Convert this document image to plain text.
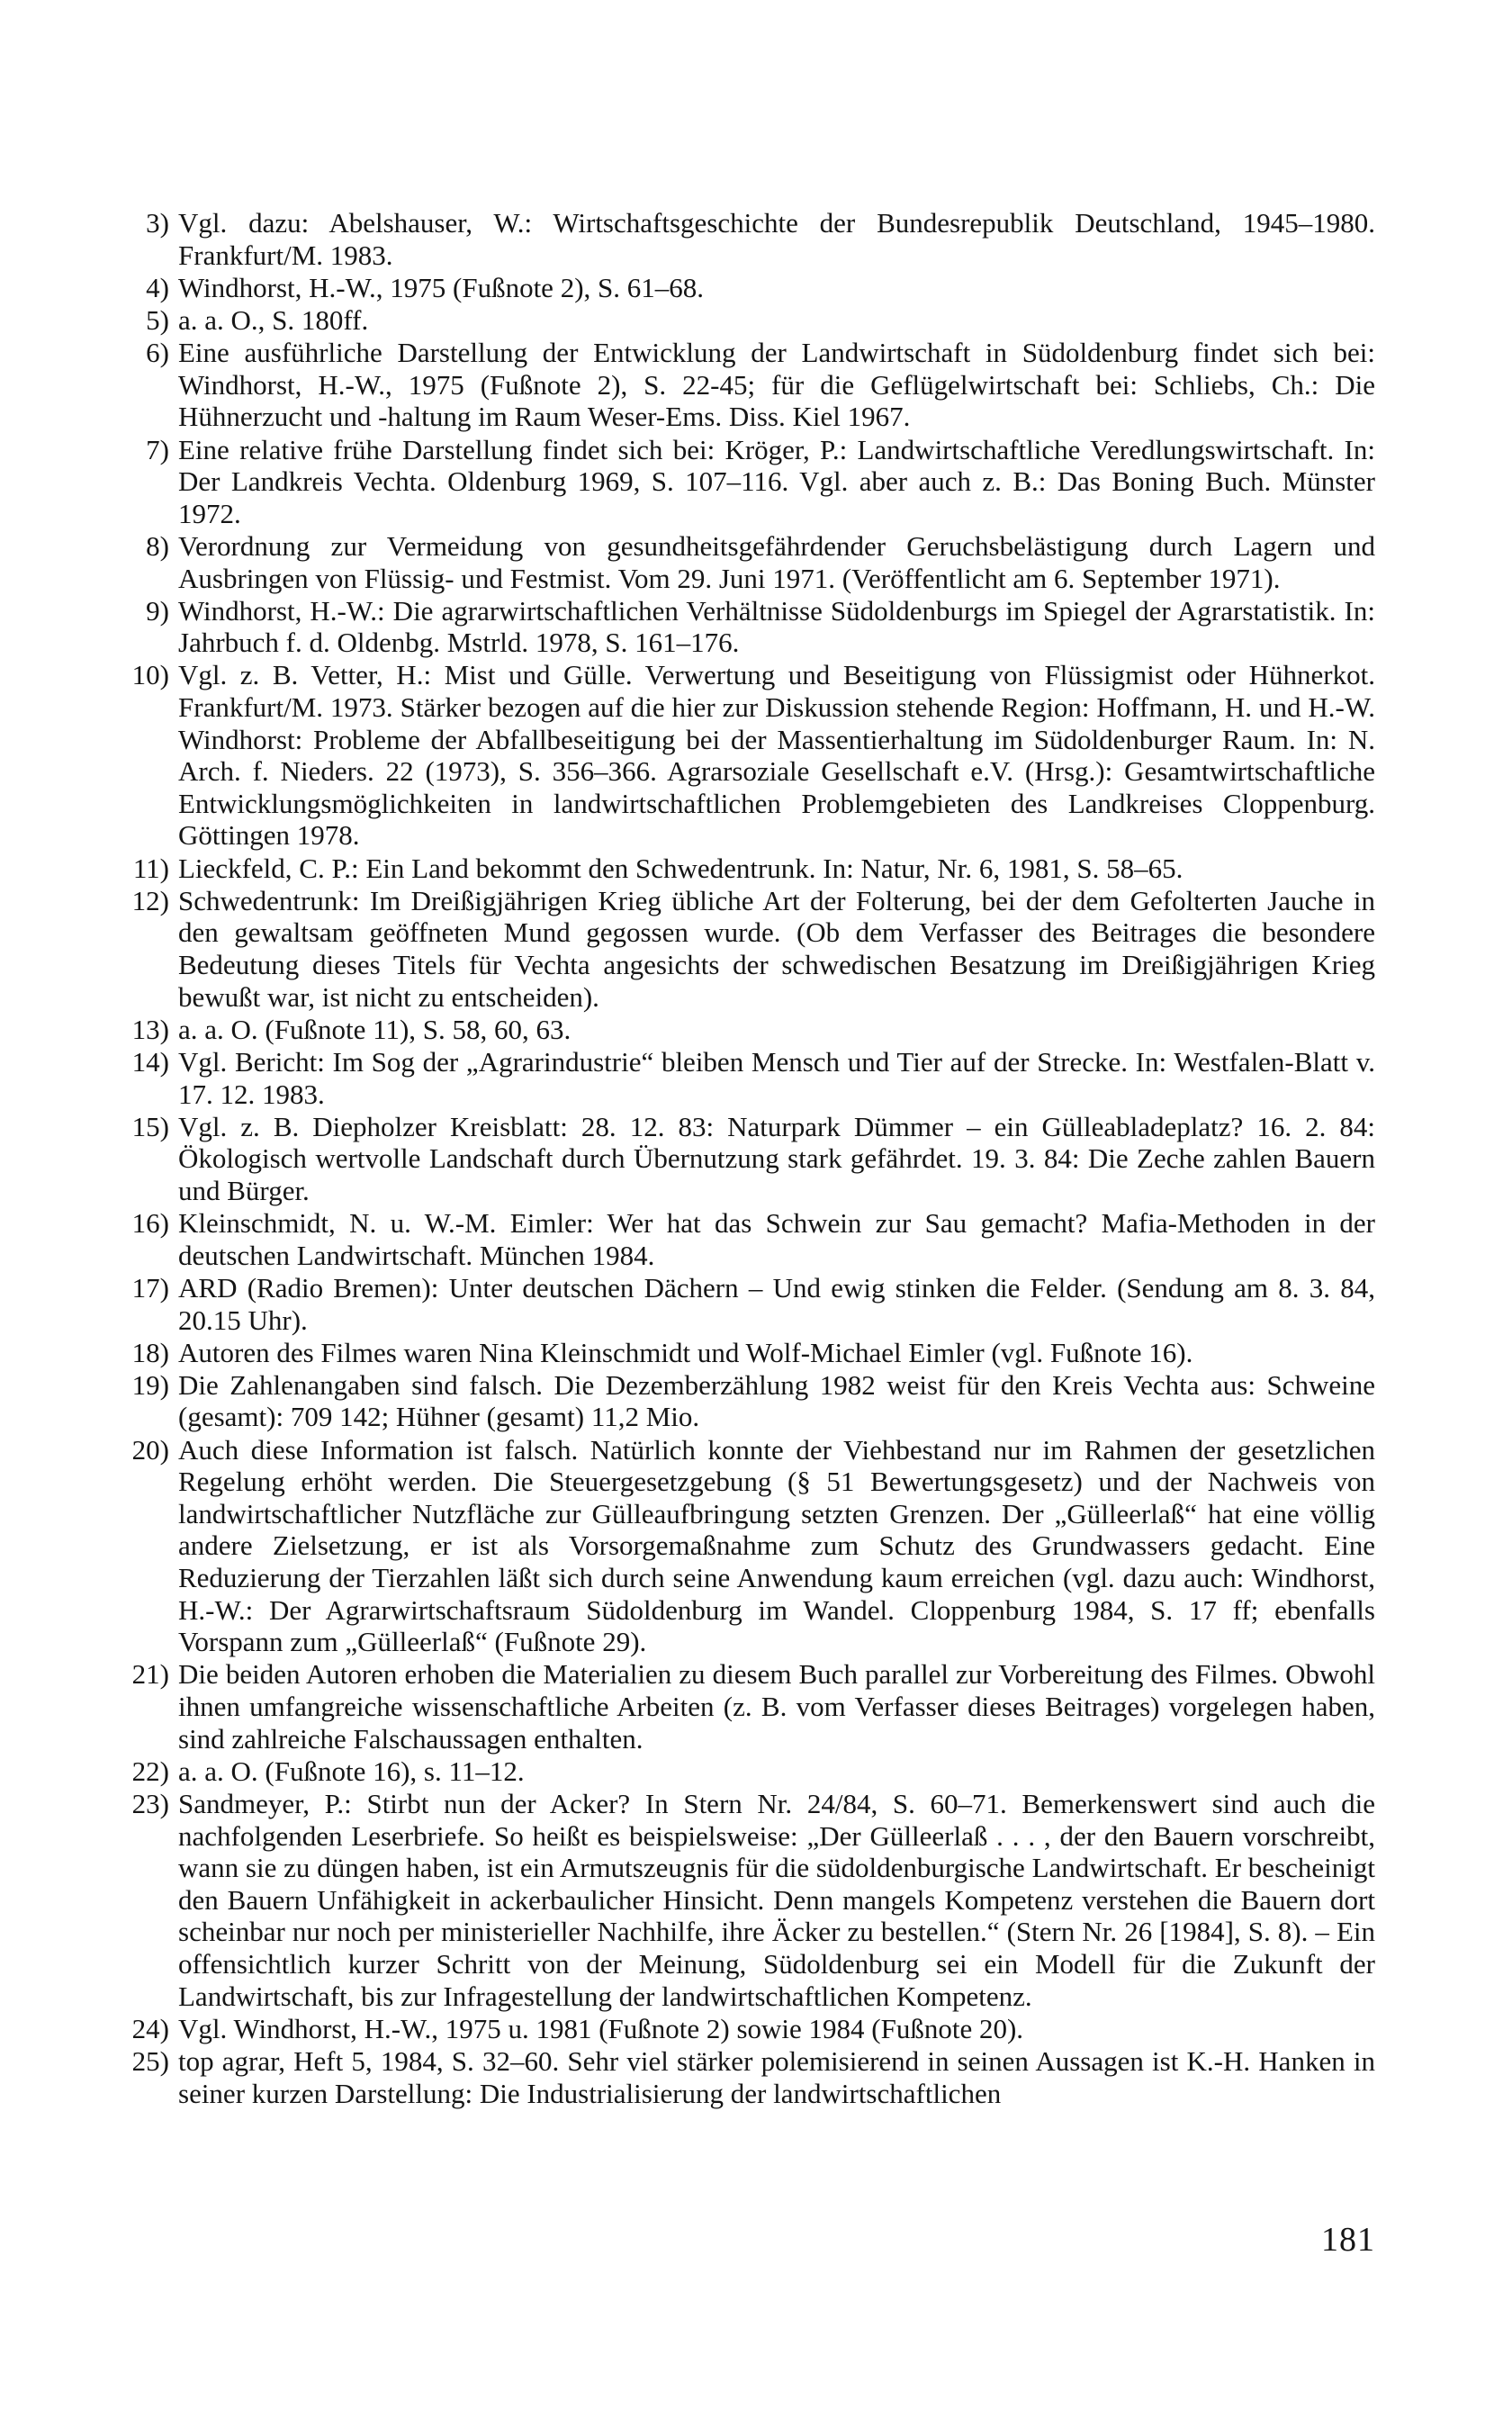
3) Vgl. dazu: Abelshauser, W.: Wirtschaftsgeschichte der Bundesrepublik Deutschland, 1945–1980. Frankfurt/M. 1983.
4) Windhorst, H.-W., 1975 (Fußnote 2), S. 61–68.
5) a. a. O., S. 180ff.
6) Eine ausführliche Darstellung der Entwicklung der Landwirtschaft in Südoldenburg findet sich bei: Windhorst, H.-W., 1975 (Fußnote 2), S. 22-45; für die Geflügelwirtschaft bei: Schliebs, Ch.: Die Hühnerzucht und -haltung im Raum Weser-Ems. Diss. Kiel 1967.
7) Eine relative frühe Darstellung findet sich bei: Kröger, P.: Landwirtschaftliche Veredlungswirtschaft. In: Der Landkreis Vechta. Oldenburg 1969, S. 107–116. Vgl. aber auch z. B.: Das Boning Buch. Münster 1972.
8) Verordnung zur Vermeidung von gesundheitsgefährdender Geruchsbelästigung durch Lagern und Ausbringen von Flüssig- und Festmist. Vom 29. Juni 1971. (Veröffentlicht am 6. September 1971).
9) Windhorst, H.-W.: Die agrarwirtschaftlichen Verhältnisse Südoldenburgs im Spiegel der Agrarstatistik. In: Jahrbuch f. d. Oldenbg. Mstrld. 1978, S. 161–176.
10) Vgl. z. B. Vetter, H.: Mist und Gülle. Verwertung und Beseitigung von Flüssigmist oder Hühnerkot. Frankfurt/M. 1973. Stärker bezogen auf die hier zur Diskussion stehende Region: Hoffmann, H. und H.-W. Windhorst: Probleme der Abfallbeseitigung bei der Massentierhaltung im Südoldenburger Raum. In: N. Arch. f. Nieders. 22 (1973), S. 356–366. Agrarsoziale Gesellschaft e.V. (Hrsg.): Gesamtwirtschaftliche Entwicklungsmöglichkeiten in landwirtschaftlichen Problemgebieten des Landkreises Cloppenburg. Göttingen 1978.
11) Lieckfeld, C. P.: Ein Land bekommt den Schwedentrunk. In: Natur, Nr. 6, 1981, S. 58–65.
12) Schwedentrunk: Im Dreißigjährigen Krieg übliche Art der Folterung, bei der dem Gefolterten Jauche in den gewaltsam geöffneten Mund gegossen wurde. (Ob dem Verfasser des Beitrages die besondere Bedeutung dieses Titels für Vechta angesichts der schwedischen Besatzung im Dreißigjährigen Krieg bewußt war, ist nicht zu entscheiden).
13) a. a. O. (Fußnote 11), S. 58, 60, 63.
14) Vgl. Bericht: Im Sog der „Agrarindustrie“ bleiben Mensch und Tier auf der Strecke. In: Westfalen-Blatt v. 17. 12. 1983.
15) Vgl. z. B. Diepholzer Kreisblatt: 28. 12. 83: Naturpark Dümmer – ein Gülleabladeplatz? 16. 2. 84: Ökologisch wertvolle Landschaft durch Übernutzung stark gefährdet. 19. 3. 84: Die Zeche zahlen Bauern und Bürger.
16) Kleinschmidt, N. u. W.-M. Eimler: Wer hat das Schwein zur Sau gemacht? Mafia-Methoden in der deutschen Landwirtschaft. München 1984.
17) ARD (Radio Bremen): Unter deutschen Dächern – Und ewig stinken die Felder. (Sendung am 8. 3. 84, 20.15 Uhr).
18) Autoren des Filmes waren Nina Kleinschmidt und Wolf-Michael Eimler (vgl. Fußnote 16).
19) Die Zahlenangaben sind falsch. Die Dezemberzählung 1982 weist für den Kreis Vechta aus: Schweine (gesamt): 709 142; Hühner (gesamt) 11,2 Mio.
20) Auch diese Information ist falsch. Natürlich konnte der Viehbestand nur im Rahmen der gesetzlichen Regelung erhöht werden. Die Steuergesetzgebung (§ 51 Bewertungsgesetz) und der Nachweis von landwirtschaftlicher Nutzfläche zur Gülleaufbringung setzten Grenzen. Der „Gülleerlaß“ hat eine völlig andere Zielsetzung, er ist als Vorsorgemaßnahme zum Schutz des Grundwassers gedacht. Eine Reduzierung der Tierzahlen läßt sich durch seine Anwendung kaum erreichen (vgl. dazu auch: Windhorst, H.-W.: Der Agrarwirtschaftsraum Südoldenburg im Wandel. Cloppenburg 1984, S. 17 ff; ebenfalls Vorspann zum „Gülleerlaß“ (Fußnote 29).
21) Die beiden Autoren erhoben die Materialien zu diesem Buch parallel zur Vorbereitung des Filmes. Obwohl ihnen umfangreiche wissenschaftliche Arbeiten (z. B. vom Verfasser dieses Beitrages) vorgelegen haben, sind zahlreiche Falschaussagen enthalten.
22) a. a. O. (Fußnote 16), s. 11–12.
23) Sandmeyer, P.: Stirbt nun der Acker? In Stern Nr. 24/84, S. 60–71. Bemerkenswert sind auch die nachfolgenden Leserbriefe. So heißt es beispielsweise: „Der Gülleerlaß . . . , der den Bauern vorschreibt, wann sie zu düngen haben, ist ein Armutszeugnis für die südoldenburgische Landwirtschaft. Er bescheinigt den Bauern Unfähigkeit in ackerbaulicher Hinsicht. Denn mangels Kompetenz verstehen die Bauern dort scheinbar nur noch per ministerieller Nachhilfe, ihre Äcker zu bestellen.“ (Stern Nr. 26 [1984], S. 8). – Ein offensichtlich kurzer Schritt von der Meinung, Südoldenburg sei ein Modell für die Zukunft der Landwirtschaft, bis zur Infragestellung der landwirtschaftlichen Kompetenz.
24) Vgl. Windhorst, H.-W., 1975 u. 1981 (Fußnote 2) sowie 1984 (Fußnote 20).
25) top agrar, Heft 5, 1984, S. 32–60. Sehr viel stärker polemisierend in seinen Aussagen ist K.-H. Hanken in seiner kurzen Darstellung: Die Industrialisierung der landwirtschaftlichen
181
